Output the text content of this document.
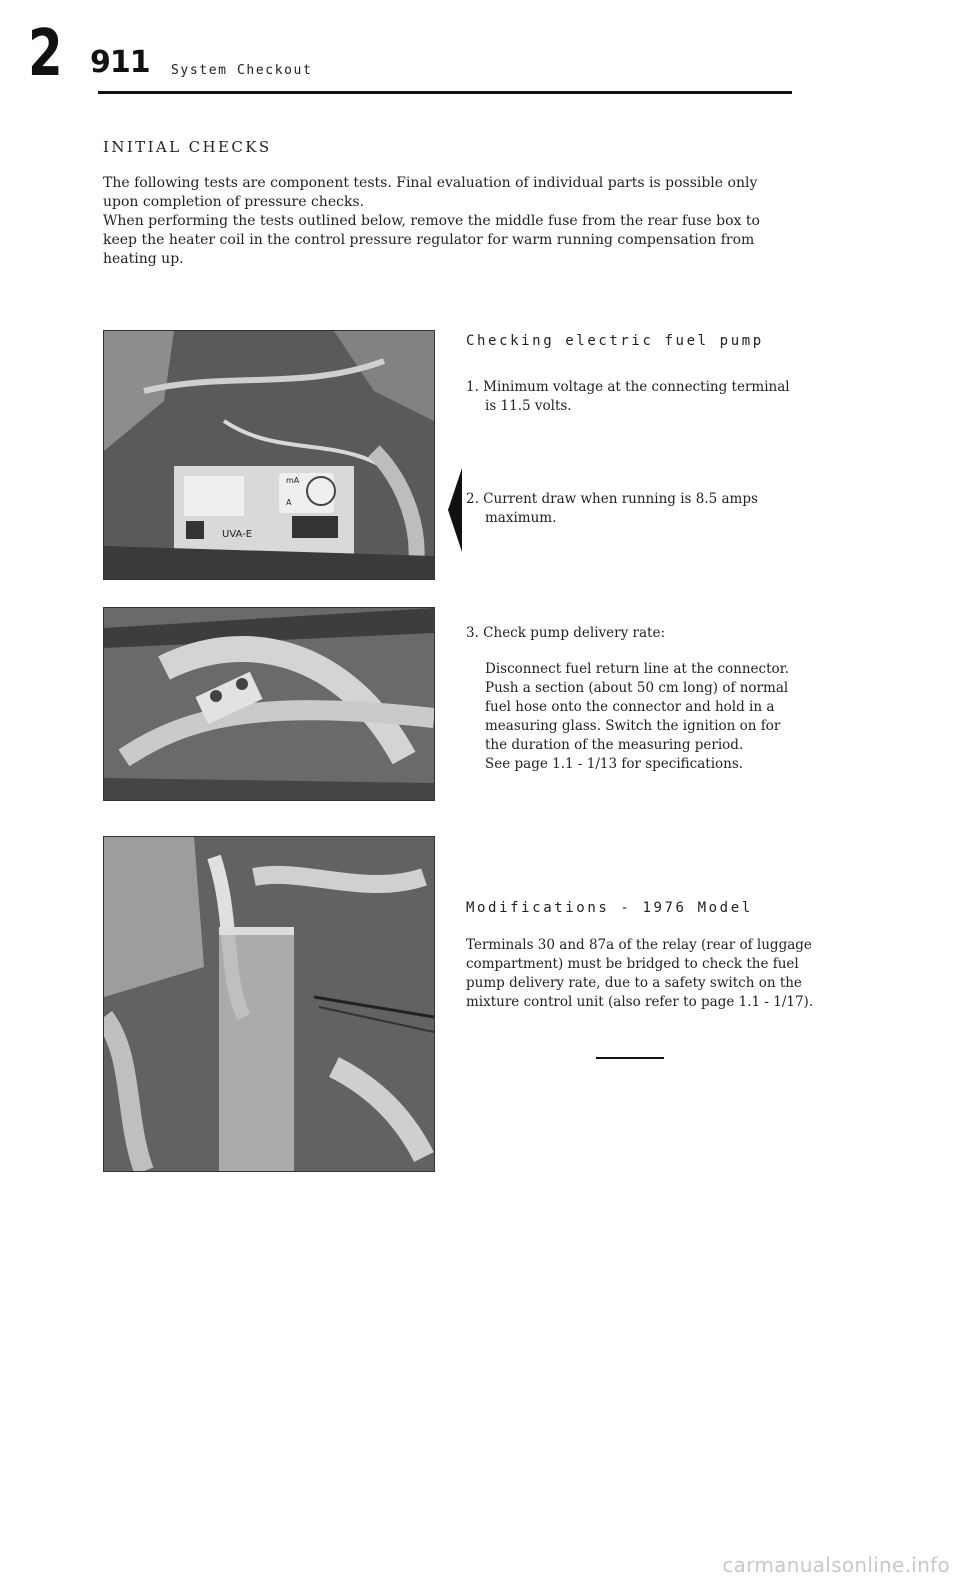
2 911 System Checkout
INITIAL CHECKS

The following tests are component tests. Final evaluation of individual parts is possible only upon completion of pressure checks.

When performing the tests outlined below, remove the middle fuse from the rear fuse box to keep the heater coil in the control pressure regulator for warm running compensation from heating up.

UVA-E
mA
A
Checking electric fuel pump
1. Minimum voltage at the connecting terminal
is 11.5 volts.
2. Current draw when running is 8.5 amps
maximum.
3. Check pump delivery rate:
Disconnect fuel return line at the connector.
Push a section (about 50 cm long) of normal
fuel hose onto the connector and hold in a
measuring glass. Switch the ignition on for
the duration of the measuring period.
See page 1.1 - 1/13 for specifications.
Modifications - 1976 Model
Terminals 30 and 87a of the relay (rear of luggage
compartment) must be bridged to check the fuel
pump delivery rate, due to a safety switch on the
mixture control unit (also refer to page 1.1 - 1/17).
carmanualsonline.info
